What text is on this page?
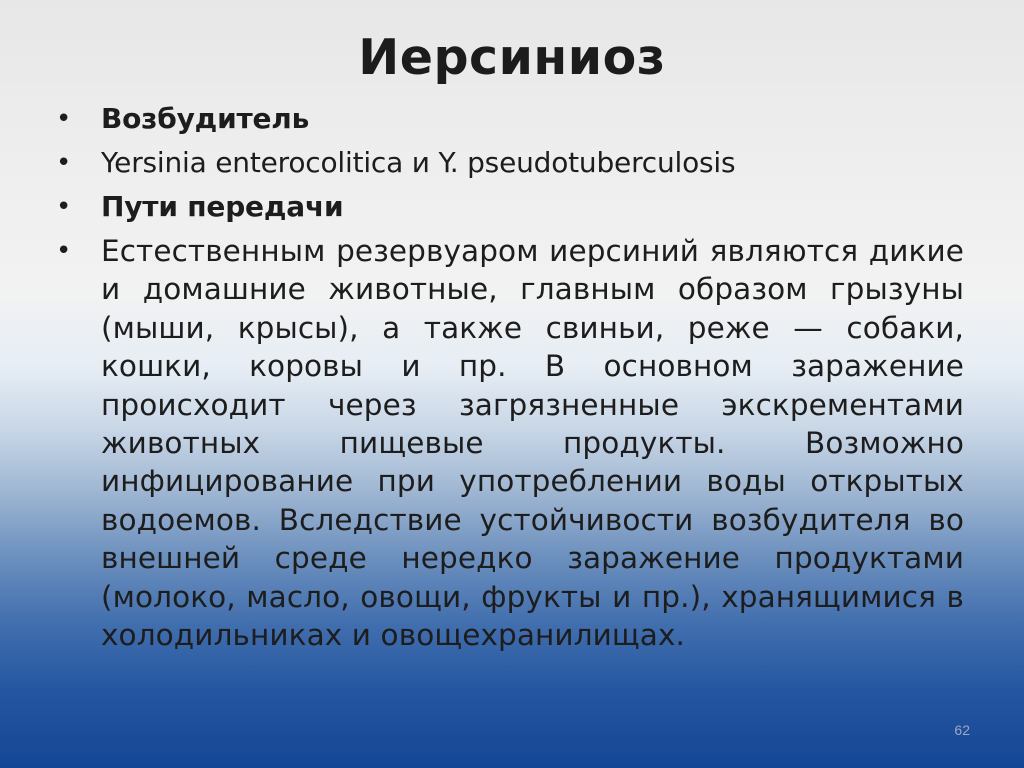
Иерсиниоз
• Возбудитель
• Yersinia enterocolitica и Y. pseudotuberculosis
• Пути передачи
• Естественным резервуаром иерсиний являются дикие и домашние животные, главным образом грызуны (мыши, крысы), а также свиньи, реже — собаки, кошки, коровы и пр. В основном заражение происходит через загрязненные экскрементами животных пищевые продукты. Возможно инфицирование при употреблении воды открытых водоемов. Вследствие устойчивости возбудителя во внешней среде нередко заражение продуктами (молоко, масло, овощи, фрукты и пр.), хранящимися в холодильниках и овощехранилищах.
62
